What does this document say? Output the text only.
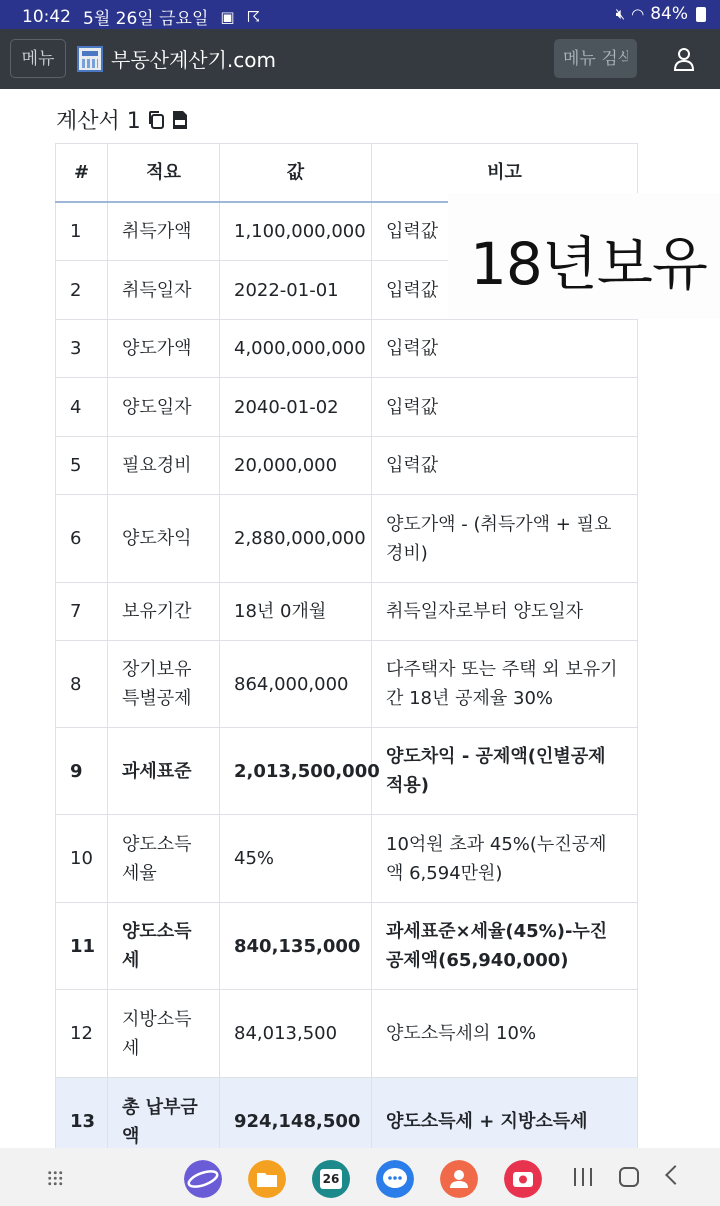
10:42 5월 26일 금요일 ▣ ☈	🔇︎ ◠ 84%
메뉴	부동산계산기.com
메뉴 검색
계산서 1
#	적요	값	비고
1	취득가액	1,100,000,000	입력값
2	취득일자	2022-01-01	입력값
3	양도가액	4,000,000,000	입력값
4	양도일자	2040-01-02	입력값
5	필요경비	20,000,000	입력값
6	양도차익	2,880,000,000	양도가액 - (취득가액 + 필요경비)
7	보유기간	18년 0개월	취득일자로부터 양도일자
8	장기보유특별공제	864,000,000	다주택자 또는 주택 외 보유기간 18년 공제율 30%
9	과세표준	2,013,500,000	양도차익 - 공제액(인별공제 적용)
10	양도소득세율	45%	10억원 초과 45%(누진공제액 6,594만원)
11	양도소득세	840,135,000	과세표준×세율(45%)-누진공제액(65,940,000)
12	지방소득세	84,013,500	양도소득세의 10%
13	총 납부금액	924,148,500	양도소득세 + 지방소득세
18년보유
26
